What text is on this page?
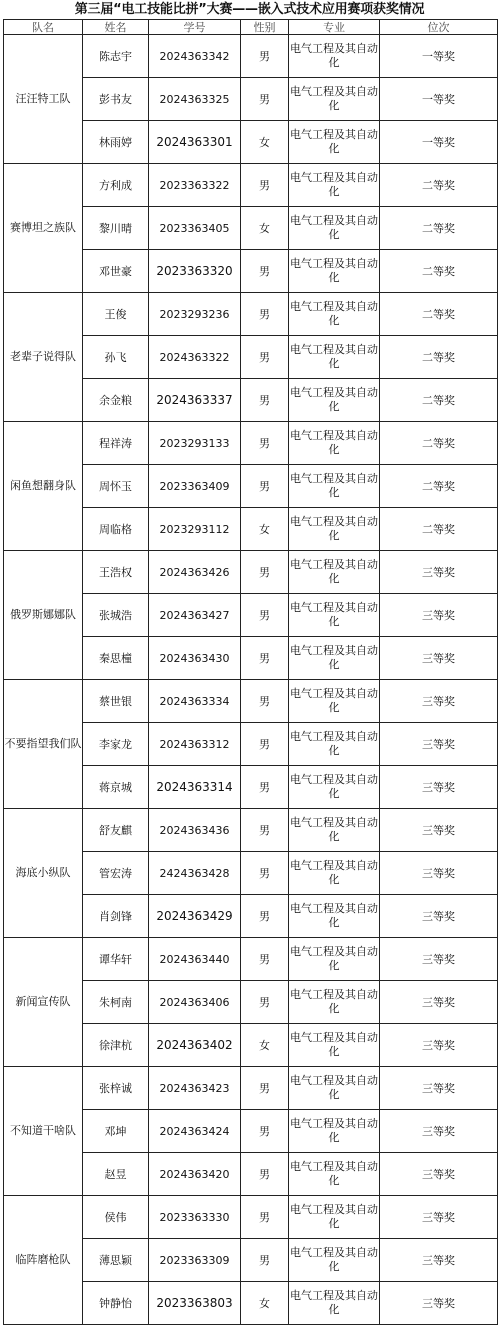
第三届“电工技能比拼”大赛——嵌入式技术应用赛项获奖情况
队名	姓名	学号	性别	专业	位次
汪汪特工队	陈志宇	2024363342	男	电气工程及其自动化	一等奖
	彭书友	2024363325	男	电气工程及其自动化	一等奖
	林雨婷	2024363301	女	电气工程及其自动化	一等奖
赛博坦之族队	方利成	2023363322	男	电气工程及其自动化	二等奖
	黎川晴	2023363405	女	电气工程及其自动化	二等奖
	邓世豪	2023363320	男	电气工程及其自动化	二等奖
老辈子说得队	王俊	2023293236	男	电气工程及其自动化	二等奖
	孙飞	2024363322	男	电气工程及其自动化	二等奖
	余金粮	2024363337	男	电气工程及其自动化	二等奖
闲鱼想翻身队	程祥涛	2023293133	男	电气工程及其自动化	二等奖
	周怀玉	2023363409	男	电气工程及其自动化	二等奖
	周临格	2023293112	女	电气工程及其自动化	二等奖
俄罗斯娜娜队	王浩权	2024363426	男	电气工程及其自动化	三等奖
	张城浩	2024363427	男	电气工程及其自动化	三等奖
	秦思橦	2024363430	男	电气工程及其自动化	三等奖
不要指望我们队	蔡世银	2024363334	男	电气工程及其自动化	三等奖
	李家龙	2024363312	男	电气工程及其自动化	三等奖
	蒋京城	2024363314	男	电气工程及其自动化	三等奖
海底小纵队	舒友麒	2024363436	男	电气工程及其自动化	三等奖
	管宏涛	2424363428	男	电气工程及其自动化	三等奖
	肖剑锋	2024363429	男	电气工程及其自动化	三等奖
新闻宣传队	谭华轩	2024363440	男	电气工程及其自动化	三等奖
	朱柯南	2024363406	男	电气工程及其自动化	三等奖
	徐津杭	2024363402	女	电气工程及其自动化	三等奖
不知道干啥队	张梓诚	2024363423	男	电气工程及其自动化	三等奖
	邓坤	2024363424	男	电气工程及其自动化	三等奖
	赵昱	2024363420	男	电气工程及其自动化	三等奖
临阵磨枪队	侯伟	2023363330	男	电气工程及其自动化	三等奖
	薄思颖	2023363309	男	电气工程及其自动化	三等奖
	钟静怡	2023363803	女	电气工程及其自动化	三等奖
